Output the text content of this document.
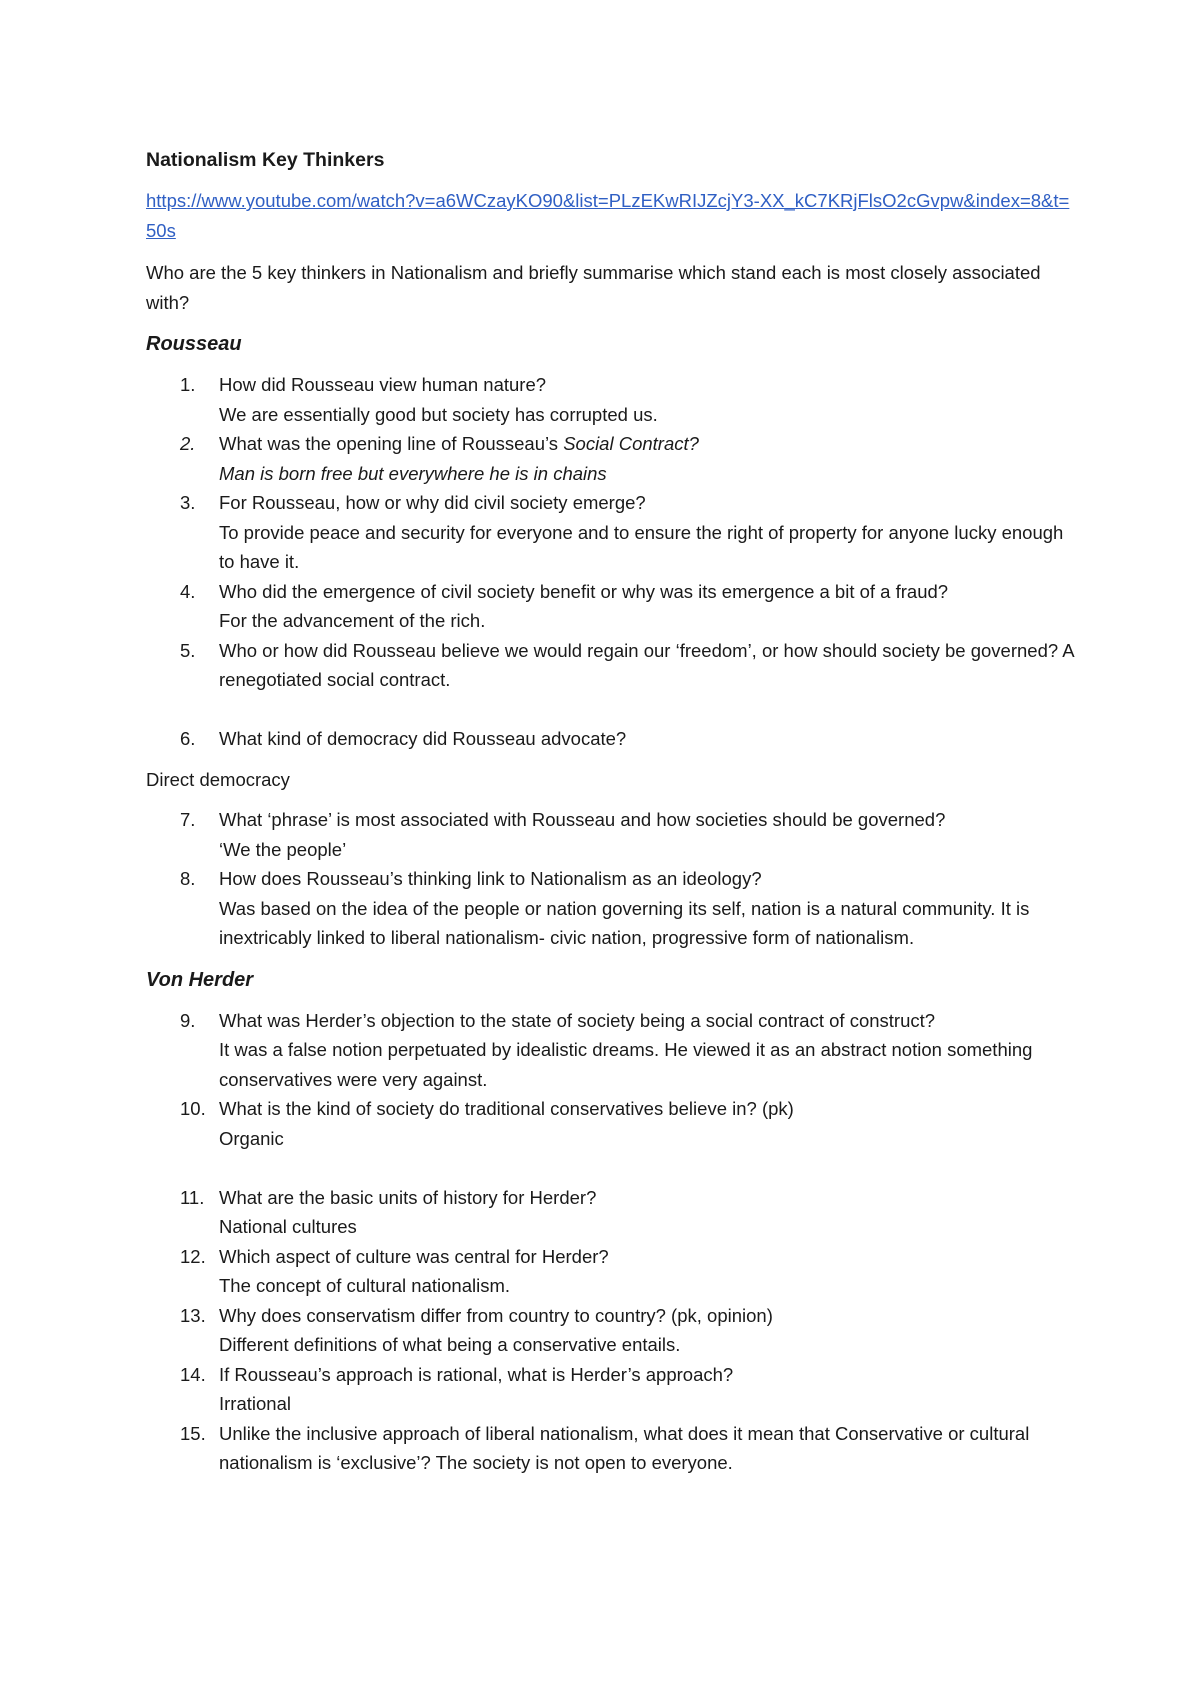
Nationalism Key Thinkers
https://www.youtube.com/watch?v=a6WCzayKO90&list=PLzEKwRIJZcjY3-XX_kC7KRjFlsO2cGvpw&index=8&t=50s
Who are the 5 key thinkers in Nationalism and briefly summarise which stand each is most closely associated with?
Rousseau
1.	How did Rousseau view human nature?
We are essentially good but society has corrupted us.
2.	What was the opening line of Rousseau’s Social Contract?
Man is born free but everywhere he is in chains
3.	For Rousseau, how or why did civil society emerge?
To provide peace and security for everyone and to ensure the right of property for anyone lucky enough to have it.
4.	Who did the emergence of civil society benefit or why was its emergence a bit of a fraud?
For the advancement of the rich.
5.	Who or how did Rousseau believe we would regain our ‘freedom’, or how should society be governed? A renegotiated social contract.
6.	What kind of democracy did Rousseau advocate?
Direct democracy
7.	What ‘phrase’ is most associated with Rousseau and how societies should be governed?
‘We the people’
8.	How does Rousseau’s thinking link to Nationalism as an ideology?
Was based on the idea of the people or nation governing its self, nation is a natural community. It is inextricably linked to liberal nationalism- civic nation, progressive form of nationalism.
Von Herder
9.	What was Herder’s objection to the state of society being a social contract of construct?
It was a false notion perpetuated by idealistic dreams. He viewed it as an abstract notion something conservatives were very against.
10. What is the kind of society do traditional conservatives believe in? (pk)
Organic
11. What are the basic units of history for Herder?
National cultures
12. Which aspect of culture was central for Herder?
The concept of cultural nationalism.
13. Why does conservatism differ from country to country? (pk, opinion)
Different definitions of what being a conservative entails.
14. If Rousseau’s approach is rational, what is Herder’s approach?
Irrational
15. Unlike the inclusive approach of liberal nationalism, what does it mean that Conservative or cultural nationalism is ‘exclusive’? The society is not open to everyone.
